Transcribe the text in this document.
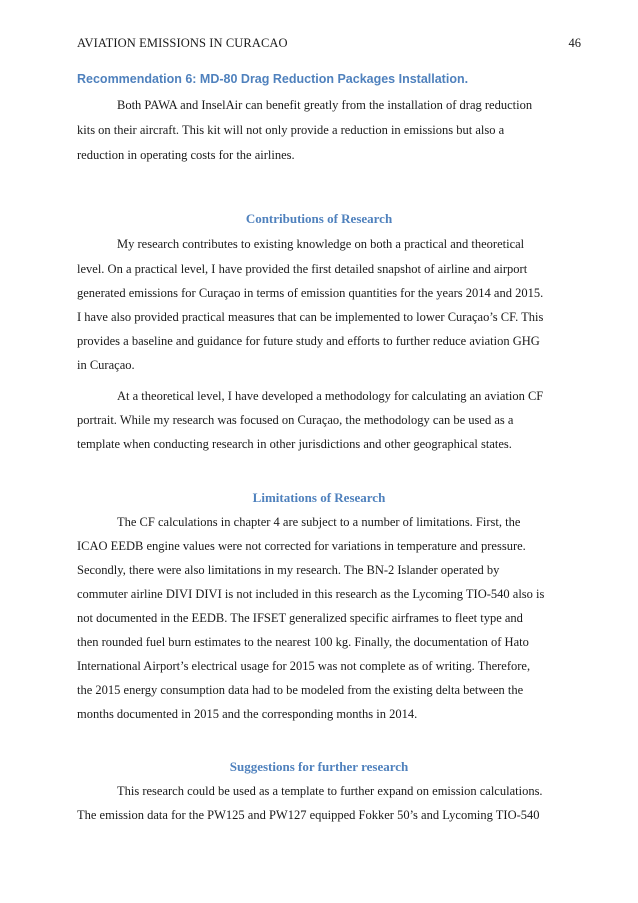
AVIATION EMISSIONS IN CURACAO	46
Recommendation 6: MD-80 Drag Reduction Packages Installation.
Both PAWA and InselAir can benefit greatly from the installation of drag reduction
kits on their aircraft. This kit will not only provide a reduction in emissions but also a
reduction in operating costs for the airlines.
Contributions of Research
My research contributes to existing knowledge on both a practical and theoretical
level. On a practical level, I have provided the first detailed snapshot of airline and airport
generated emissions for Curaçao in terms of emission quantities for the years 2014 and 2015.
I have also provided practical measures that can be implemented to lower Curaçao’s CF. This
provides a baseline and guidance for future study and efforts to further reduce aviation GHG
in Curaçao.
At a theoretical level, I have developed a methodology for calculating an aviation CF
portrait. While my research was focused on Curaçao, the methodology can be used as a
template when conducting research in other jurisdictions and other geographical states.
Limitations of Research
The CF calculations in chapter 4 are subject to a number of limitations. First, the
ICAO EEDB engine values were not corrected for variations in temperature and pressure.
Secondly, there were also limitations in my research. The BN-2 Islander operated by
commuter airline DIVI DIVI is not included in this research as the Lycoming TIO-540 also is
not documented in the EEDB. The IFSET generalized specific airframes to fleet type and
then rounded fuel burn estimates to the nearest 100 kg. Finally, the documentation of Hato
International Airport’s electrical usage for 2015 was not complete as of writing. Therefore,
the 2015 energy consumption data had to be modeled from the existing delta between the
months documented in 2015 and the corresponding months in 2014.
Suggestions for further research
This research could be used as a template to further expand on emission calculations.
The emission data for the PW125 and PW127 equipped Fokker 50’s and Lycoming TIO-540
